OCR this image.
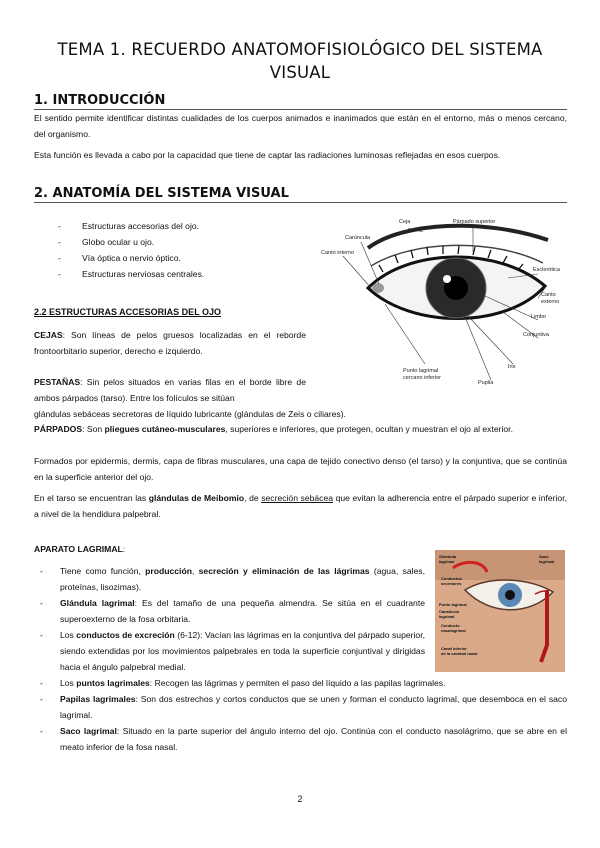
TEMA 1. RECUERDO ANATOMOFISIOLÓGICO DEL SISTEMA VISUAL
1. INTRODUCCIÓN
El sentido permite identificar distintas cualidades de los cuerpos animados e inanimados que están en el entorno, más o menos cercano, del organismo.
Esta función es llevada a cabo por la capacidad que tiene de captar las radiaciones luminosas reflejadas en esos cuerpos.
2. ANATOMÍA DEL SISTEMA VISUAL
- Estructuras accesorias del ojo.
- Globo ocular u ojo.
- Vía óptica o nervio óptico.
- Estructuras nerviosas centrales.
2.2 ESTRUCTURAS ACCESORIAS DEL OJO
CEJAS: Son líneas de pelos gruesos localizadas en el reborde frontoorbitario superior, derecho e izquierdo.
PESTAÑAS: Sin pelos situados en varias filas en el borde libre de ambos párpados (tarso). Entre los folículos se sitúan
glándulas sebáceas secretoras de líquido lubricante (glándulas de Zeis o ciliares).
PÁRPADOS: Son pliegues cutáneo-musculares, superiores e inferiores, que protegen, ocultan y muestran el ojo al exterior.
Formados por epidermis, dermis, capa de fibras musculares, una capa de tejido conectivo denso (el tarso) y la conjuntiva, que se continúa en la superficie anterior del ojo.
En el tarso se encuentran las glándulas de Meibomio, de secreción sebácea que evitan la adherencia entre el párpado superior e inferior, a nivel de la hendidura palpebral.
APARATO LAGRIMAL:
- Tiene como función, producción, secreción y eliminación de las lágrimas (agua, sales, proteínas, lisozimas).
- Glándula lagrimal: Es del tamaño de una pequeña almendra. Se sitúa en el cuadrante superoexterno de la fosa orbitaria.
- Los conductos de excreción (6-12): Vacían las lágrimas en la conjuntiva del párpado superior, siendo extendidas por los movimientos palpebrales en toda la superficie conjuntival y dirigidas hacia el ángulo palpebral medial.
- Los puntos lagrimales: Recogen las lágrimas y permiten el paso del líquido a las papilas lagrimales.
- Papilas lagrimales: Son dos estrechos y cortos conductos que se unen y forman el conducto lagrimal, que desemboca en el saco lagrimal.
- Saco lagrimal: Situado en la parte superior del ángulo interno del ojo. Continúa con el conducto nasolágrimo, que se abre en el meato inferior de la fosa nasal.
Ceja	Párpado superior
Carúncula
Canto interno
Esclerótica
Canto
externo
Limbo
Conjuntiva
Iris
Pupila
Punto lagrimal
cercano inferior
Glándula
lagrimal
Saco
lagrimal
Conductos
secretores
Punto lagrimal
Canalículo
lagrimal
Conducto
nasolagrimal
Canal inferior
de la cavidad nasal
2
